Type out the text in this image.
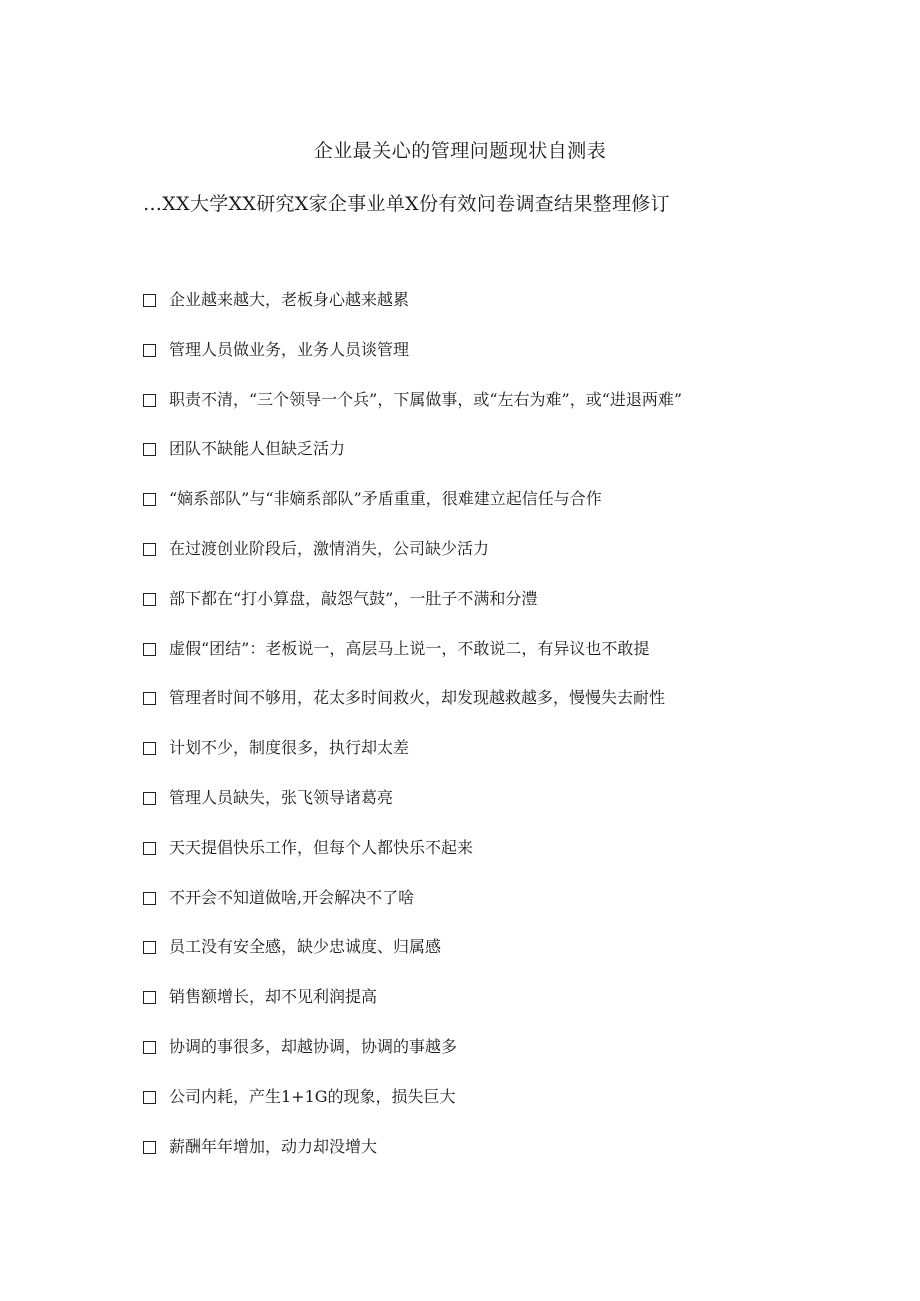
企业最关心的管理问题现状自测表
…XX大学XX研究X家企事业单X份有效问卷调查结果整理修订
企业越来越大，老板身心越来越累
管理人员做业务，业务人员谈管理
职责不清，“三个领导一个兵”，下属做事，或“左右为难”，或“进退两难”
团队不缺能人但缺乏活力
“嫡系部队”与“非嫡系部队”矛盾重重，很难建立起信任与合作
在过渡创业阶段后，激情消失，公司缺少活力
部下都在“打小算盘，敲怨气鼓”，一肚子不满和分澧
虚假“团结”：老板说一，高层马上说一，不敢说二，有异议也不敢提
管理者时间不够用，花太多时间救火，却发现越救越多，慢慢失去耐性
计划不少，制度很多，执行却太差
管理人员缺失，张飞领导诸葛亮
天天提倡快乐工作，但每个人都快乐不起来
不开会不知道做啥,开会解决不了啥
员工没有安全感，缺少忠诚度、归属感
销售额增长，却不见利润提高
协调的事很多，却越协调，协调的事越多
公司内耗，产生1+1G的现象，损失巨大
薪酬年年增加，动力却没增大
